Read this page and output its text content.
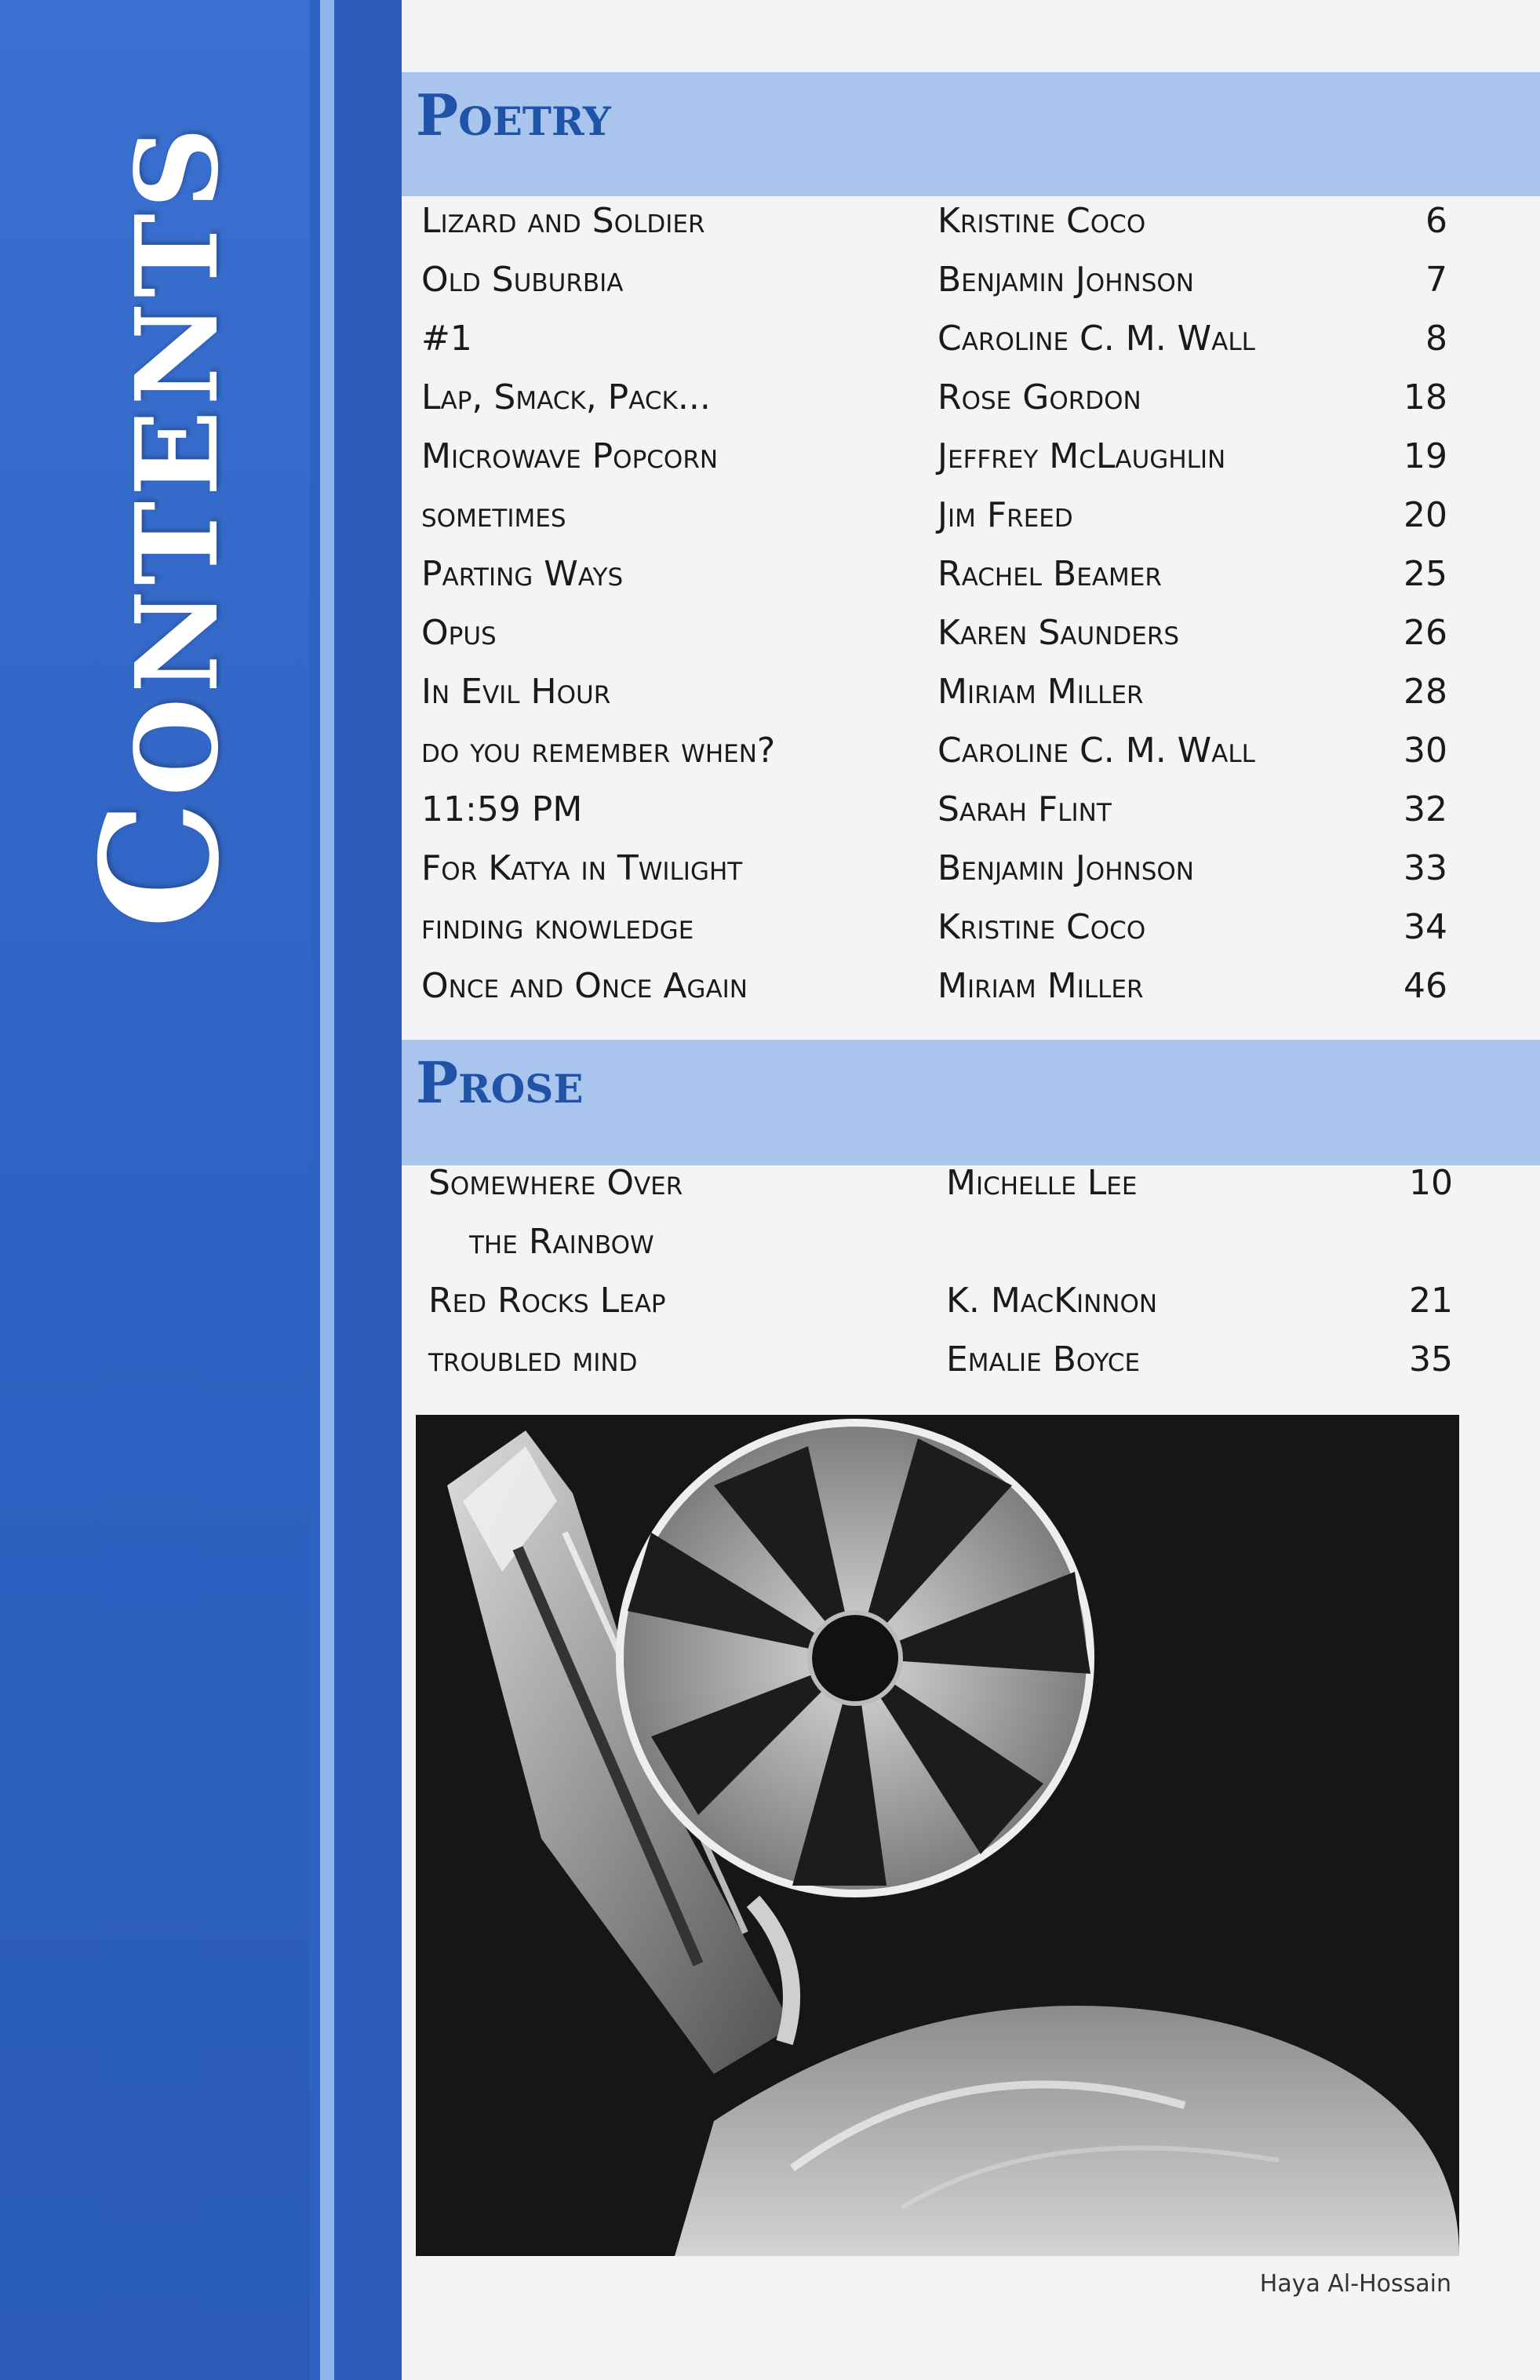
Contents
Poetry
Lizard and Soldier	Kristine Coco	6
Old Suburbia	Benjamin Johnson	7
#1	Caroline C. M. Wall	8
Lap, Smack, Pack...	Rose Gordon	18
Microwave Popcorn	Jeffrey McLaughlin	19
sometimes	Jim Freed	20
Parting Ways	Rachel Beamer	25
Opus	Karen Saunders	26
In Evil Hour	Miriam Miller	28
do you remember when?	Caroline C. M. Wall	30
11:59 PM	Sarah Flint	32
For Katya in Twilight	Benjamin Johnson	33
finding knowledge	Kristine Coco	34
Once and Once Again	Miriam Miller	46
Prose
Somewhere Over	Michelle Lee	10
the Rainbow
Red Rocks Leap	K. MacKinnon	21
troubled mind	Emalie Boyce	35
Haya Al-Hossain
